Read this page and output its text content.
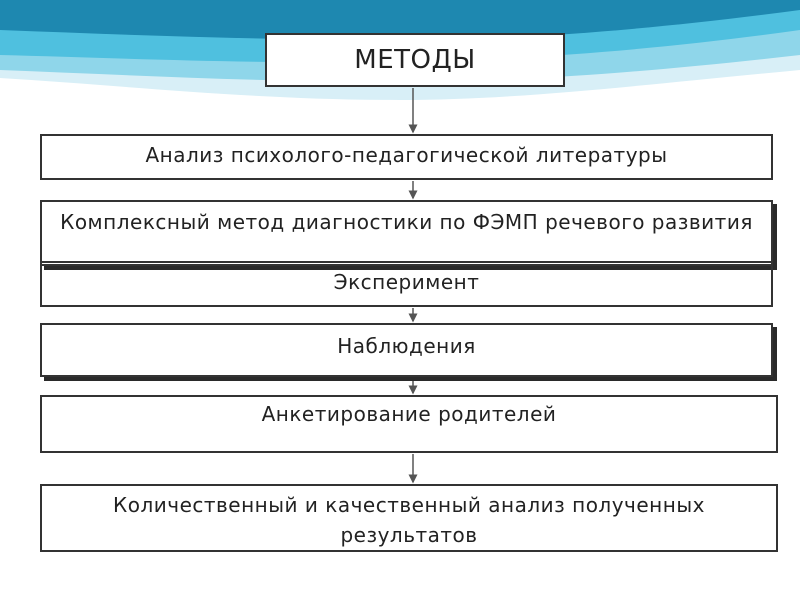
МЕТОДЫ
Анализ психолого-педагогической литературы
Комплексный метод диагностики по ФЭМП речевого развития
Эксперимент
Наблюдения
Анкетирование родителей
Количественный и качественный анализ полученных результатов
